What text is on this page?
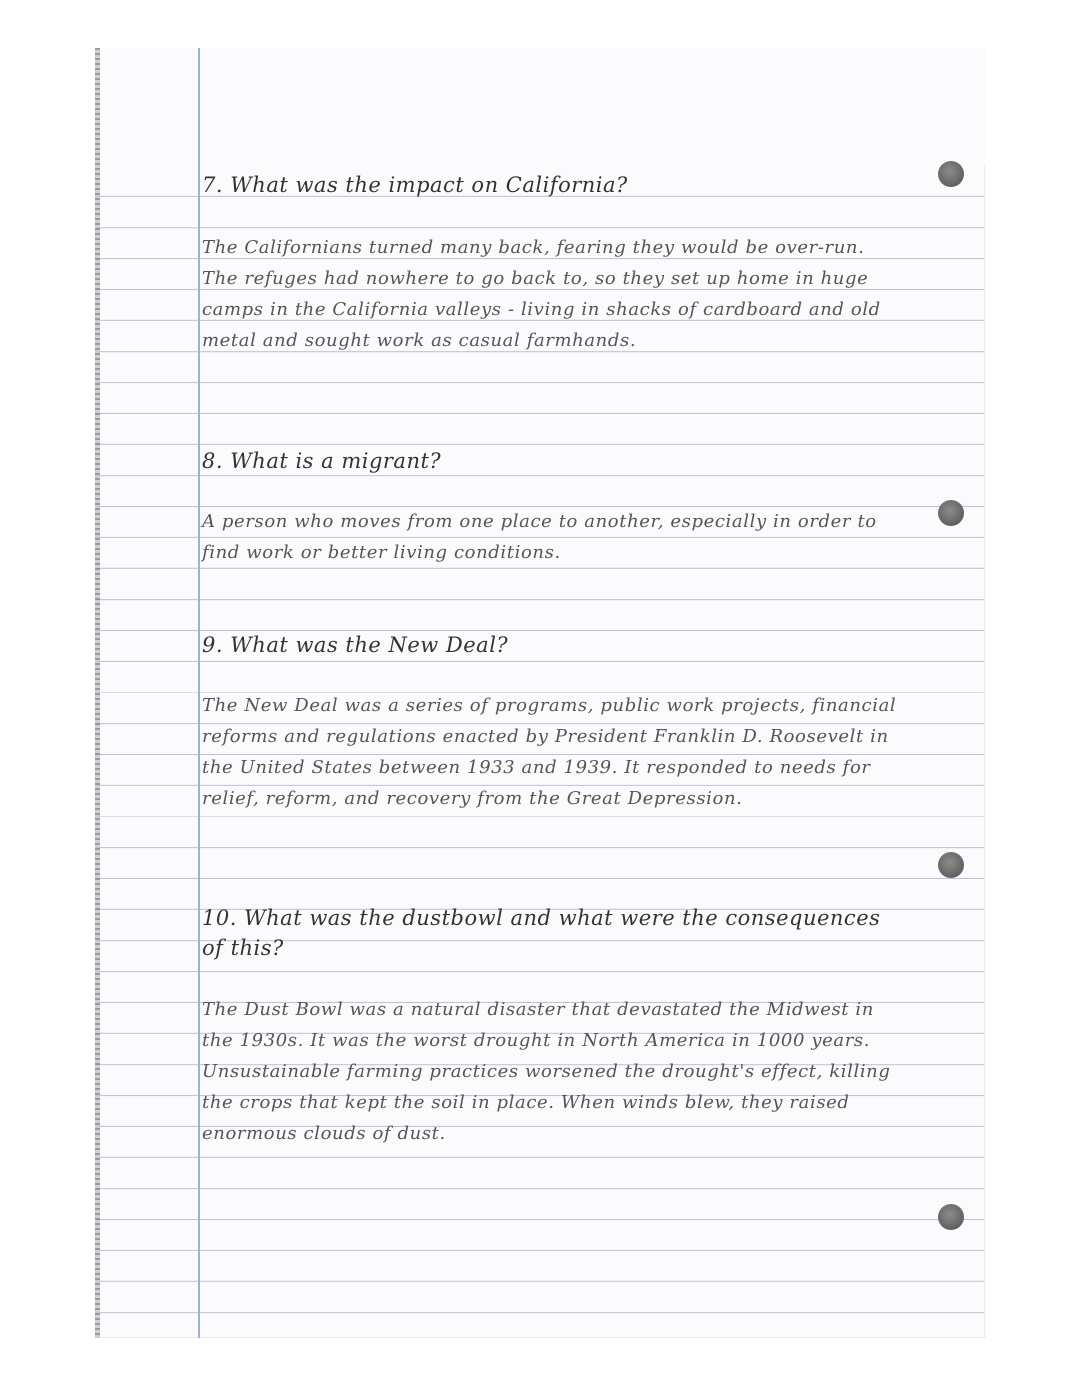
7. What was the impact on California?

The Californians turned many back, fearing they would be over-run. The refuges had nowhere to go back to, so they set up home in huge camps in the California valleys - living in shacks of cardboard and old metal and sought work as casual farmhands.

8. What is a migrant?

A person who moves from one place to another, especially in order to find work or better living conditions.

9. What was the New Deal?

The New Deal was a series of programs, public work projects, financial reforms and regulations enacted by President Franklin D. Roosevelt in the United States between 1933 and 1939. It responded to needs for relief, reform, and recovery from the Great Depression.

10. What was the dustbowl and what were the consequences of this?

The Dust Bowl was a natural disaster that devastated the Midwest in the 1930s. It was the worst drought in North America in 1000 years. Unsustainable farming practices worsened the drought's effect, killing the crops that kept the soil in place. When winds blew, they raised enormous clouds of dust.
